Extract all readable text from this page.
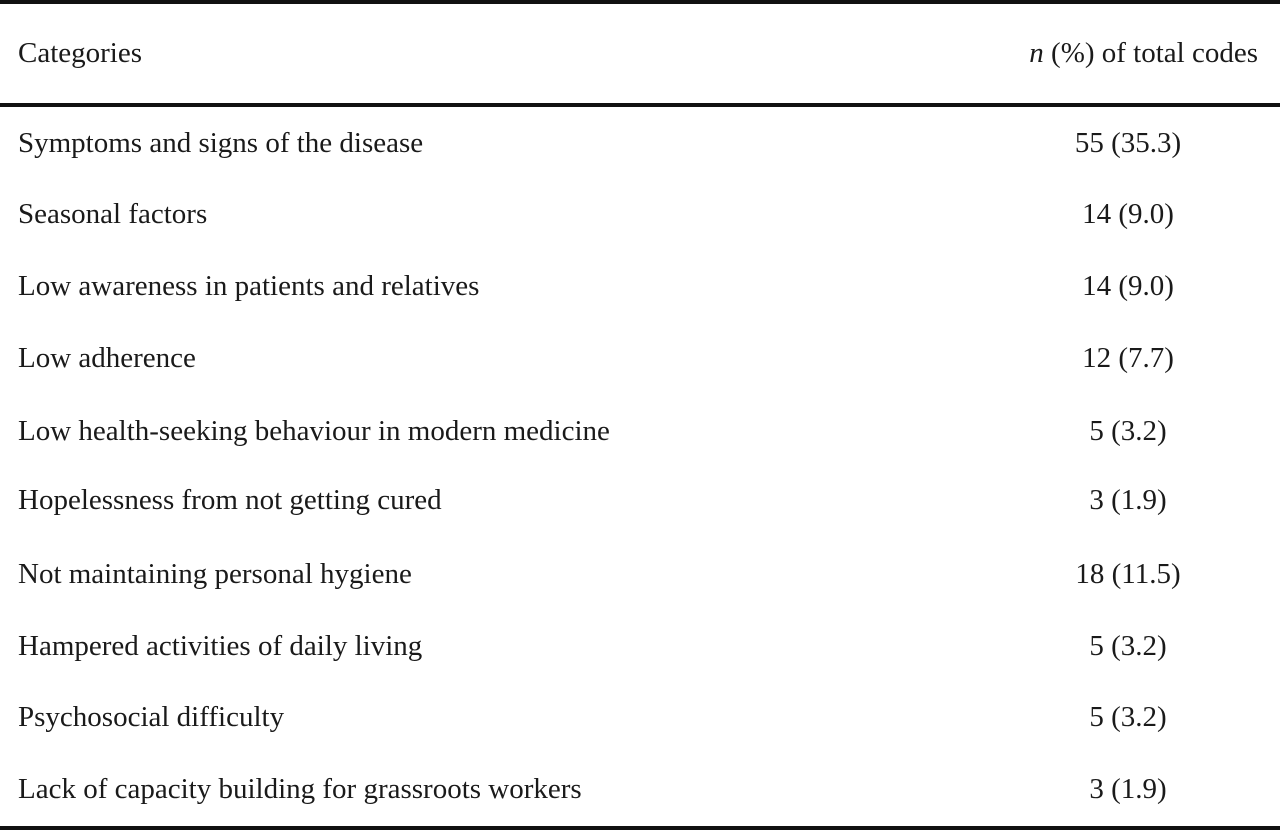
Categories	n (%) of total codes
Symptoms and signs of the disease	55 (35.3)
Seasonal factors	14 (9.0)
Low awareness in patients and relatives	14 (9.0)
Low adherence	12 (7.7)
Low health-seeking behaviour in modern medicine	5 (3.2)
Hopelessness from not getting cured	3 (1.9)
Not maintaining personal hygiene	18 (11.5)
Hampered activities of daily living	5 (3.2)
Psychosocial difficulty	5 (3.2)
Lack of capacity building for grassroots workers	3 (1.9)
